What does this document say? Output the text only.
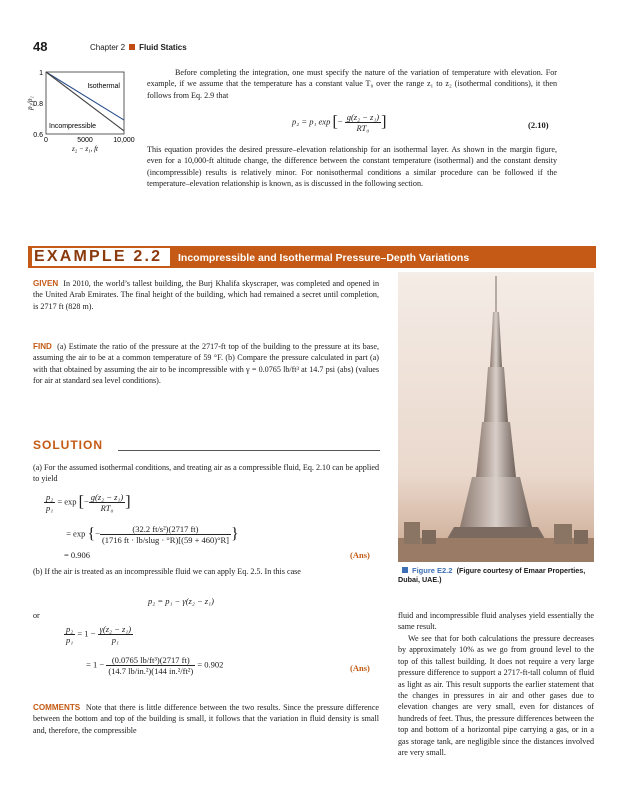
48	Chapter 2 Fluid Statics
1
0.8
0.6
0	5000	10,000
p₂/p₁
z₂ − z₁, ft
Isothermal
Incompressible
Before completing the integration, one must specify the nature of the variation of temperature with elevation. For example, if we assume that the temperature has a constant value T₀ over the range z₁ to z₂ (isothermal conditions), it then follows from Eq. 2.9 that
p₂ = p₁ exp [− $\frac{\text{g(z₂ − z₁)}}{\text{RT₀}}$ ]	(2.10)
This equation provides the desired pressure–elevation relationship for an isothermal layer. As shown in the margin figure, even for a 10,000-ft altitude change, the difference between the constant temperature (isothermal) and the constant density (incompressible) results is relatively minor. For nonisothermal conditions a similar procedure can be followed if the temperature–elevation relationship is known, as is discussed in the following section.
EXAMPLE 2.2 Incompressible and Isothermal Pressure–Depth Variations
GIVEN In 2010, the world’s tallest building, the Burj Khalifa skyscraper, was completed and opened in the United Arab Emirates. The final height of the building, which had remained a secret until completion, is 2717 ft (828 m).
FIND (a) Estimate the ratio of the pressure at the 2717-ft top of the building to the pressure at its base, assuming the air to be at a common temperature of 59 °F. (b) Compare the pressure calculated in part (a) with that obtained by assuming the air to be incompressible with γ = 0.0765 lb/ft³ at 14.7 psi (abs) (values for air at standard sea level conditions).
SOLUTION
(a) For the assumed isothermal conditions, and treating air as a compressible fluid, Eq. 2.10 can be applied to yield
$\frac{\text{p₂}}{\text{p₁}} = \exp$ [− $\frac{\text{g(z₂ − z₁)}}{\text{RT₀}}$ ]
= exp {− $\frac{\text{(32.2 ft/s²)(2717 ft)}}{\text{(1716 ft · lb/slug · °R)[(59 + 460)°R]}}$ }
= 0.906	(Ans)
Figure E2.2 (Figure courtesy of Emaar Properties, Dubai, UAE.)
(b) If the air is treated as an incompressible fluid we can apply Eq. 2.5. In this case
p₂ = p₁ − γ(z₂ − z₁)
or
$\frac{\text{p₂}}{\text{p₁}} = 1 - \frac{\text{γ(z₂ − z₁)}}{\text{p₁}}$
= $1 - \frac{\text{(0.0765 lb/ft³)(2717 ft)}}{\text{(14.7 lb/in.²)(144 in.²/ft²)}} = 0.902$	(Ans)
COMMENTS Note that there is little difference between the two results. Since the pressure difference between the bottom and top of the building is small, it follows that the variation in fluid density is small and, therefore, the compressible
fluid and incompressible fluid analyses yield essentially the same result.
We see that for both calculations the pressure decreases by approximately 10% as we go from ground level to the top of this tallest building. It does not require a very large pressure difference to support a 2717-ft-tall column of fluid as light as air. This result supports the earlier statement that the changes in pressures in air and other gases due to elevation changes are very small, even for distances of hundreds of feet. Thus, the pressure differences between the top and bottom of a horizontal pipe carrying a gas, or in a gas storage tank, are negligible since the distances involved are very small.
